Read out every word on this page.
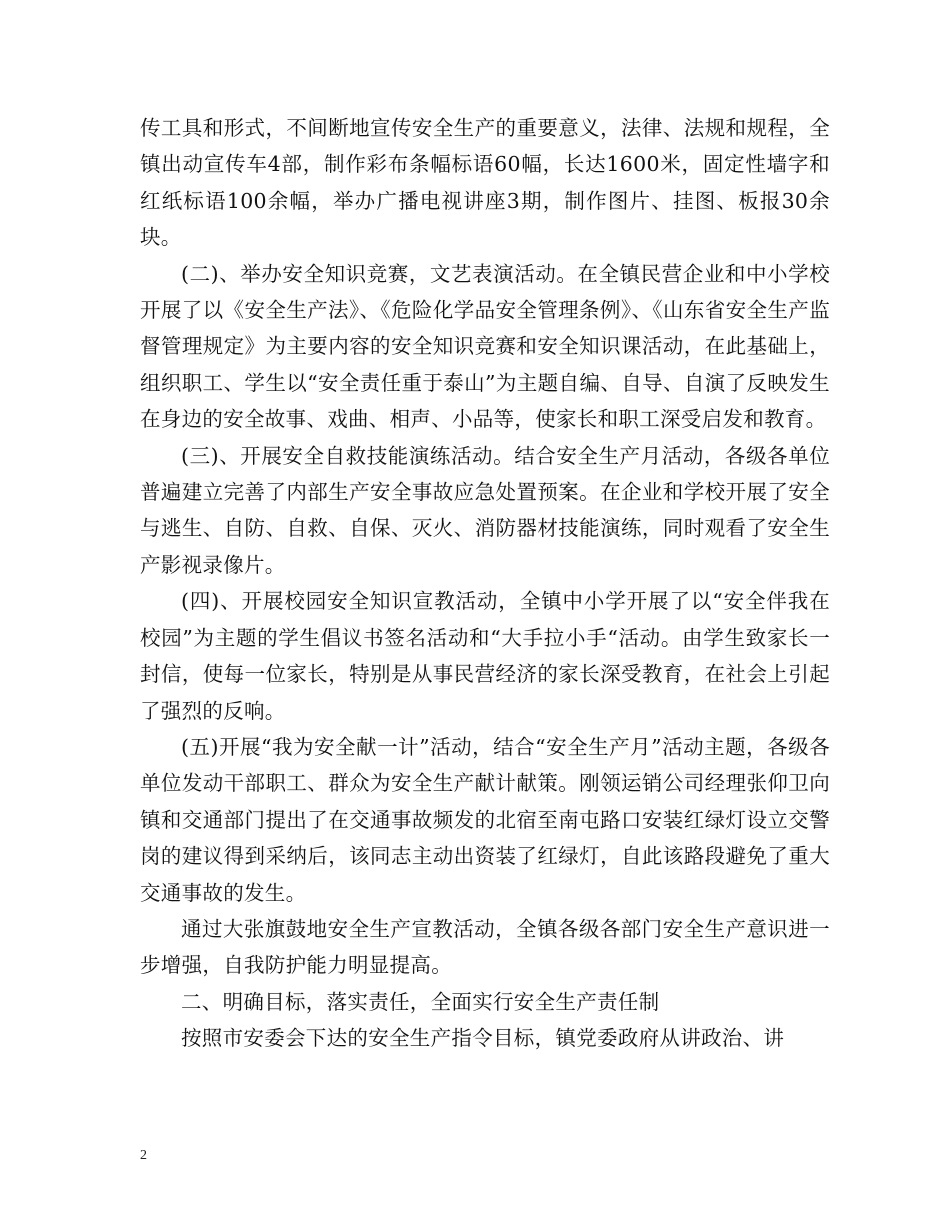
传工具和形式，不间断地宣传安全生产的重要意义，法律、法规和规程，全镇出动宣传车4部，制作彩布条幅标语60幅，长达1600米，固定性墙字和红纸标语100余幅，举办广播电视讲座3期，制作图片、挂图、板报30余块。

(二)、举办安全知识竞赛，文艺表演活动。在全镇民营企业和中小学校开展了以《安全生产法》、《危险化学品安全管理条例》、《山东省安全生产监督管理规定》为主要内容的安全知识竞赛和安全知识课活动，在此基础上，组织职工、学生以“安全责任重于泰山”为主题自编、自导、自演了反映发生在身边的安全故事、戏曲、相声、小品等，使家长和职工深受启发和教育。

(三)、开展安全自救技能演练活动。结合安全生产月活动，各级各单位普遍建立完善了内部生产安全事故应急处置预案。在企业和学校开展了安全与逃生、自防、自救、自保、灭火、消防器材技能演练，同时观看了安全生产影视录像片。

(四)、开展校园安全知识宣教活动，全镇中小学开展了以“安全伴我在校园”为主题的学生倡议书签名活动和“大手拉小手“活动。由学生致家长一封信，使每一位家长，特别是从事民营经济的家长深受教育，在社会上引起了强烈的反响。

(五)开展“我为安全献一计”活动，结合“安全生产月”活动主题，各级各单位发动干部职工、群众为安全生产献计献策。刚领运销公司经理张仰卫向镇和交通部门提出了在交通事故频发的北宿至南屯路口安装红绿灯设立交警岗的建议得到采纳后，该同志主动出资装了红绿灯，自此该路段避免了重大交通事故的发生。

通过大张旗鼓地安全生产宣教活动，全镇各级各部门安全生产意识进一步增强，自我防护能力明显提高。

二、明确目标，落实责任，全面实行安全生产责任制

按照市安委会下达的安全生产指令目标，镇党委政府从讲政治、讲

2
